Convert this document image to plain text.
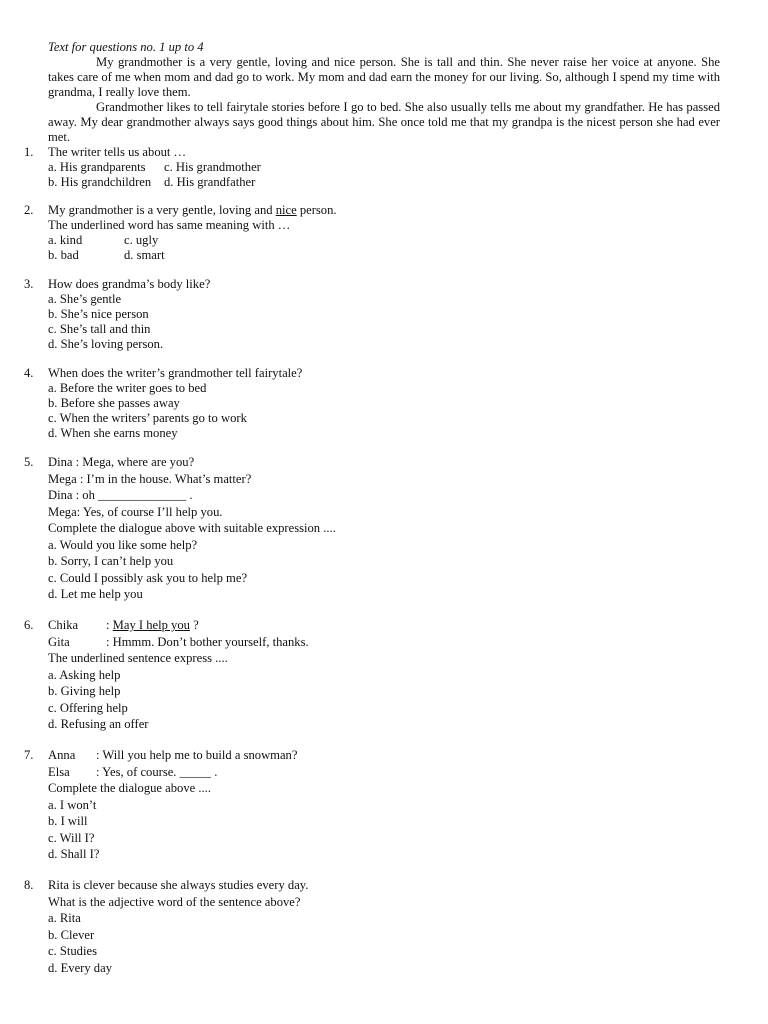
Text for questions no. 1 up to 4

My grandmother is a very gentle, loving and nice person. She is tall and thin. She never raise her voice at anyone. She takes care of me when mom and dad go to work. My mom and dad earn the money for our living. So, although I spend my time with grandma, I really love them.

Grandmother likes to tell fairytale stories before I go to bed. She also usually tells me about my grandfather. He has passed away. My dear grandmother always says good things about him. She once told me that my grandpa is the nicest person she had ever met.

1. The writer tells us about …
a. His grandparents	c. His grandmother
b. His grandchildren	d. His grandfather
2. My grandmother is a very gentle, loving and nice person.
The underlined word has same meaning with …
a. kind	c. ugly
b. bad	d. smart
3. How does grandma’s body like?
a. She’s gentle
b. She’s nice person
c. She’s tall and thin
d. She’s loving person.
4. When does the writer’s grandmother tell fairytale?
a. Before the writer goes to bed
b. Before she passes away
c. When the writers’ parents go to work
d. When she earns money
5. Dina : Mega, where are you?
Mega : I’m in the house. What’s matter?
Dina : oh ______________ .
Mega: Yes, of course I’ll help you.
Complete the dialogue above with suitable expression ....
a. Would you like some help?
b. Sorry, I can’t help you
c. Could I possibly ask you to help me?
d. Let me help you
6. Chika : May I help you ?
Gita	: Hmmm. Don’t bother yourself, thanks.
The underlined sentence express ....
a. Asking help
b. Giving help
c. Offering help
d. Refusing an offer
7. Anna : Will you help me to build a snowman?
Elsa : Yes, of course. _____ .
Complete the dialogue above ....
a. I won’t
b. I will
c. Will I?
d. Shall I?
8. Rita is clever because she always studies every day.
What is the adjective word of the sentence above?
a. Rita
b. Clever
c. Studies
d. Every day
